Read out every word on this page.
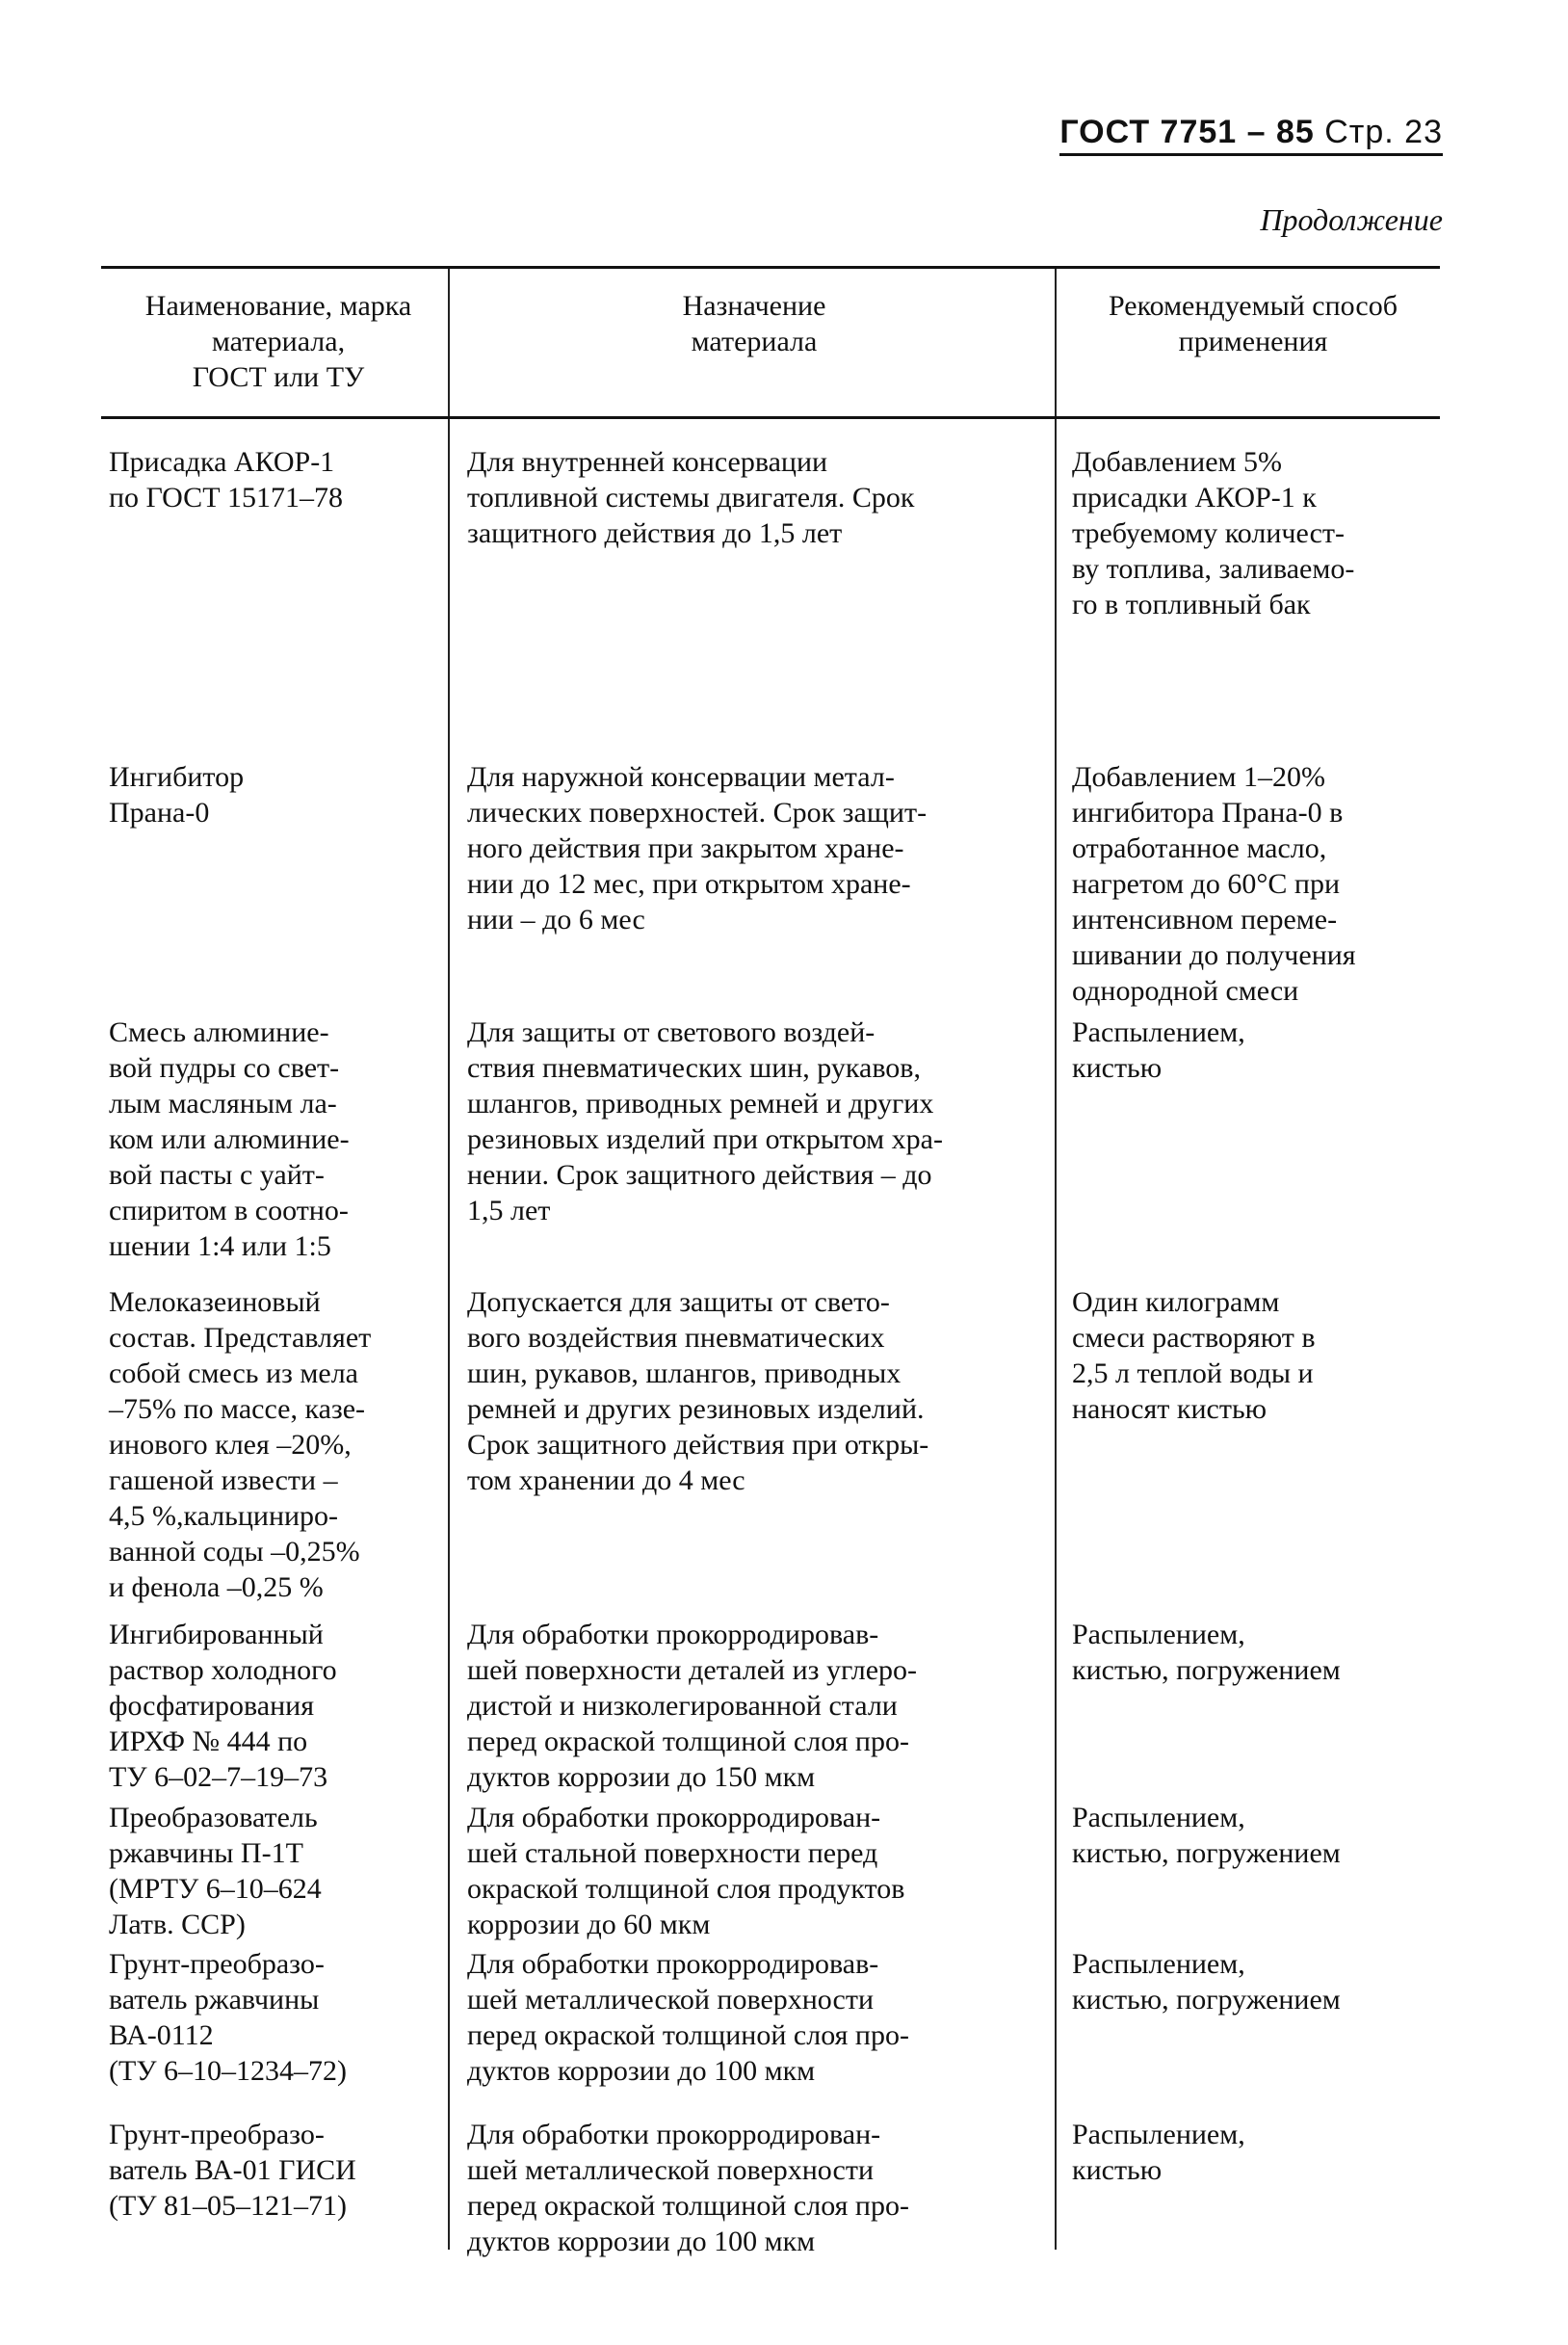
ГОСТ 7751 – 85 Стр. 23
Продолжение
Наименование, марка
материала,
ГОСТ или ТУ
Назначение
материала
Рекомендуемый способ
применения
Присадка АКОР-1
по ГОСТ 15171–78
Для внутренней консервации
топливной системы двигателя. Срок
защитного действия до 1,5 лет
Добавлением 5%
присадки АКОР-1 к
требуемому количест-
ву топлива, заливаемо-
го в топливный бак
Ингибитор
Прана-0
Для наружной консервации метал-
лических поверхностей. Срок защит-
ного действия при закрытом хране-
нии до 12 мес, при открытом хране-
нии – до 6 мес
Добавлением 1–20%
ингибитора Прана-0 в
отработанное масло,
нагретом до 60°С при
интенсивном переме-
шивании до получения
однородной смеси
Смесь алюминие-
вой пудры со свет-
лым масляным ла-
ком или алюминие-
вой пасты с уайт-
спиритом в соотно-
шении 1:4 или 1:5
Для защиты от светового воздей-
ствия пневматических шин, рукавов,
шлангов, приводных ремней и других
резиновых изделий при открытом хра-
нении. Срок защитного действия – до
1,5 лет
Распылением,
кистью
Мелоказеиновый
состав. Представляет
собой смесь из мела
–75% по массе, казе-
инового клея –20%,
гашеной извести –
4,5 %,кальциниро-
ванной соды –0,25%
и фенола –0,25 %
Допускается для защиты от свето-
вого воздействия пневматических
шин, рукавов, шлангов, приводных
ремней и других резиновых изделий.
Срок защитного действия при откры-
том хранении до 4 мес
Один килограмм
смеси растворяют в
2,5 л теплой воды и
наносят кистью
Ингибированный
раствор холодного
фосфатирования
ИРХФ № 444 по
ТУ 6–02–7–19–73
Для обработки прокорродировав-
шей поверхности деталей из углеро-
дистой и низколегированной стали
перед окраской толщиной слоя про-
дуктов коррозии до 150 мкм
Распылением,
кистью, погружением
Преобразователь
ржавчины П-1Т
(МРТУ 6–10–624
Латв. ССР)
Для обработки прокорродирован-
шей стальной поверхности перед
окраской толщиной слоя продуктов
коррозии до 60 мкм
Распылением,
кистью, погружением
Грунт-преобразо-
ватель ржавчины
ВА-0112
(ТУ 6–10–1234–72)
Для обработки прокорродировав-
шей металлической поверхности
перед окраской толщиной слоя про-
дуктов коррозии до 100 мкм
Распылением,
кистью, погружением
Грунт-преобразо-
ватель ВА-01 ГИСИ
(ТУ 81–05–121–71)
Для обработки прокорродирован-
шей металлической поверхности
перед окраской толщиной слоя про-
дуктов коррозии до 100 мкм
Распылением,
кистью
